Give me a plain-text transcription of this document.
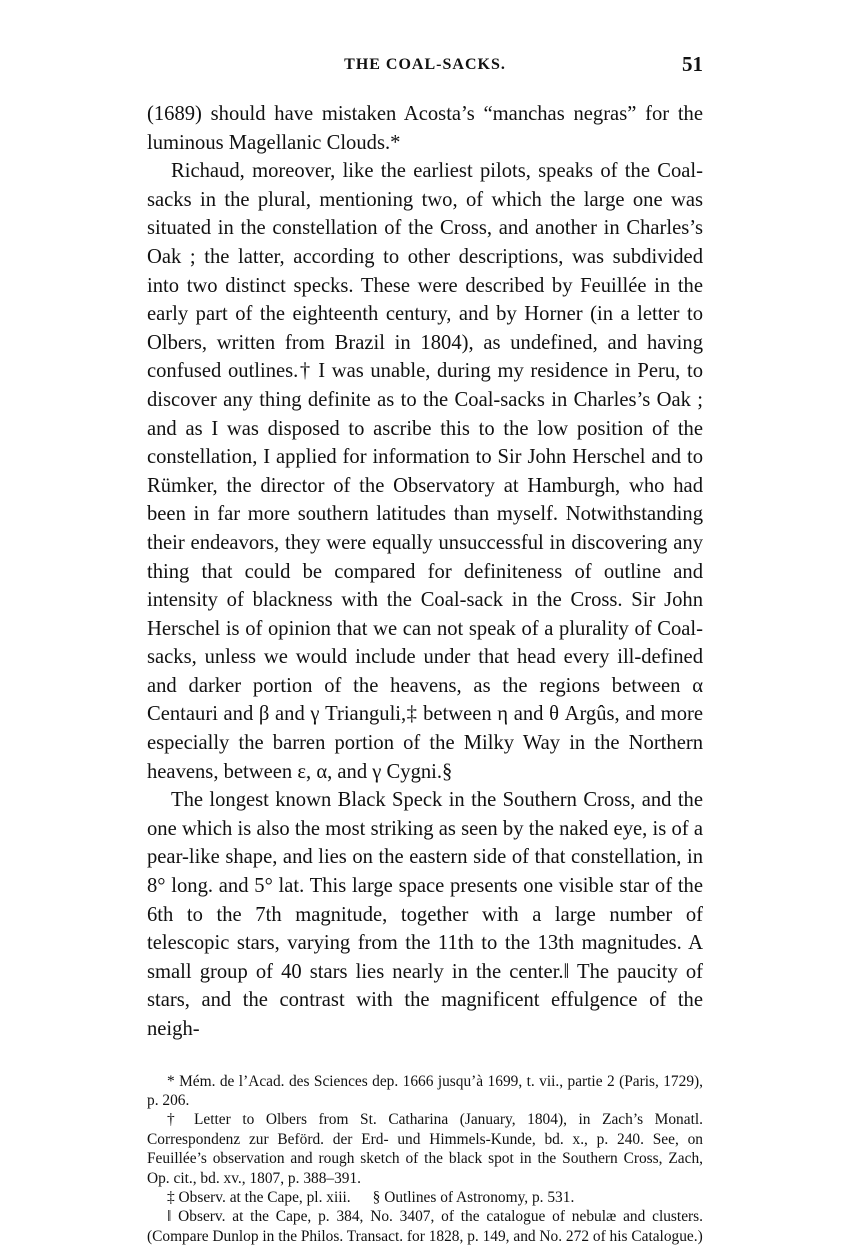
THE COAL-SACKS.	51

(1689) should have mistaken Acosta’s “manchas negras” for the luminous Magellanic Clouds.*

Richaud, moreover, like the earliest pilots, speaks of the Coal-sacks in the plural, mentioning two, of which the large one was situated in the constellation of the Cross, and another in Charles’s Oak ; the latter, according to other descriptions, was subdivided into two distinct specks. These were described by Feuillée in the early part of the eighteenth century, and by Horner (in a letter to Olbers, written from Brazil in 1804), as undefined, and having confused outlines.† I was unable, during my residence in Peru, to discover any thing definite as to the Coal-sacks in Charles’s Oak ; and as I was disposed to ascribe this to the low position of the constellation, I applied for information to Sir John Herschel and to Rümker, the director of the Observatory at Hamburgh, who had been in far more southern latitudes than myself. Notwithstanding their endeavors, they were equally unsuccessful in discovering any thing that could be compared for definiteness of outline and intensity of blackness with the Coal-sack in the Cross. Sir John Herschel is of opinion that we can not speak of a plurality of Coal-sacks, unless we would include under that head every ill-defined and darker portion of the heavens, as the regions between α Centauri and β and γ Trianguli,‡ between η and θ Argûs, and more especially the barren portion of the Milky Way in the Northern heavens, between ε, α, and γ Cygni.§

The longest known Black Speck in the Southern Cross, and the one which is also the most striking as seen by the naked eye, is of a pear-like shape, and lies on the eastern side of that constellation, in 8° long. and 5° lat. This large space presents one visible star of the 6th to the 7th magnitude, together with a large number of telescopic stars, varying from the 11th to the 13th magnitudes. A small group of 40 stars lies nearly in the center.‖ The paucity of stars, and the contrast with the magnificent effulgence of the neigh-

* Mém. de l’Acad. des Sciences dep. 1666 jusqu’à 1699, t. vii., partie 2 (Paris, 1729), p. 206.

† Letter to Olbers from St. Catharina (January, 1804), in Zach’s Monatl. Correspondenz zur Beförd. der Erd- und Himmels-Kunde, bd. x., p. 240. See, on Feuillée’s observation and rough sketch of the black spot in the Southern Cross, Zach, Op. cit., bd. xv., 1807, p. 388–391.

‡ Observ. at the Cape, pl. xiii. § Outlines of Astronomy, p. 531.

‖ Observ. at the Cape, p. 384, No. 3407, of the catalogue of nebulæ and clusters. (Compare Dunlop in the Philos. Transact. for 1828, p. 149, and No. 272 of his Catalogue.)
